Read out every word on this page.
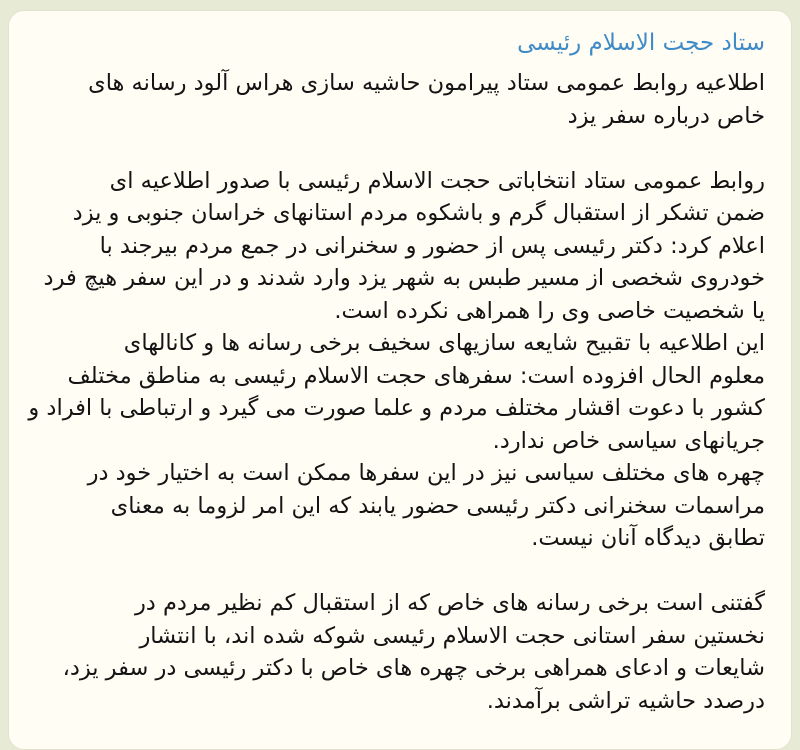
ستاد حجت الاسلام رئیسی
اطلاعیه روابط عمومی ستاد پیرامون حاشیه سازی هراس آلود رسانه های
خاص درباره سفر یزد
روابط عمومی ستاد انتخاباتی حجت الاسلام رئیسی با صدور اطلاعیه ای
ضمن تشکر از استقبال گرم و باشکوه مردم استانهای خراسان جنوبی و یزد
اعلام کرد: دکتر رئیسی پس از حضور و سخنرانی در جمع مردم بیرجند با
خودروی شخصی از مسیر طبس به شهر یزد وارد شدند و در این سفر هیچ فرد
یا شخصیت خاصی وی را همراهی نکرده است.
این اطلاعیه با تقبیح شایعه سازیهای سخیف برخی رسانه ها و کانالهای
معلوم الحال افزوده است: سفرهای حجت الاسلام رئیسی به مناطق مختلف
کشور با دعوت اقشار مختلف مردم و علما صورت می گیرد و ارتباطی با افراد و
جریانهای سیاسی خاص ندارد.
چهره های مختلف سیاسی نیز در این سفرها ممکن است به اختیار خود در
مراسمات سخنرانی دکتر رئیسی حضور یابند که این امر لزوما به معنای
تطابق دیدگاه آنان نیست.
گفتنی است برخی رسانه های خاص که از استقبال کم نظیر مردم در
نخستین سفر استانی حجت الاسلام رئیسی شوکه شده اند، با انتشار
شایعات و ادعای همراهی برخی چهره های خاص با دکتر رئیسی در سفر یزد،
درصدد حاشیه تراشی برآمدند.
